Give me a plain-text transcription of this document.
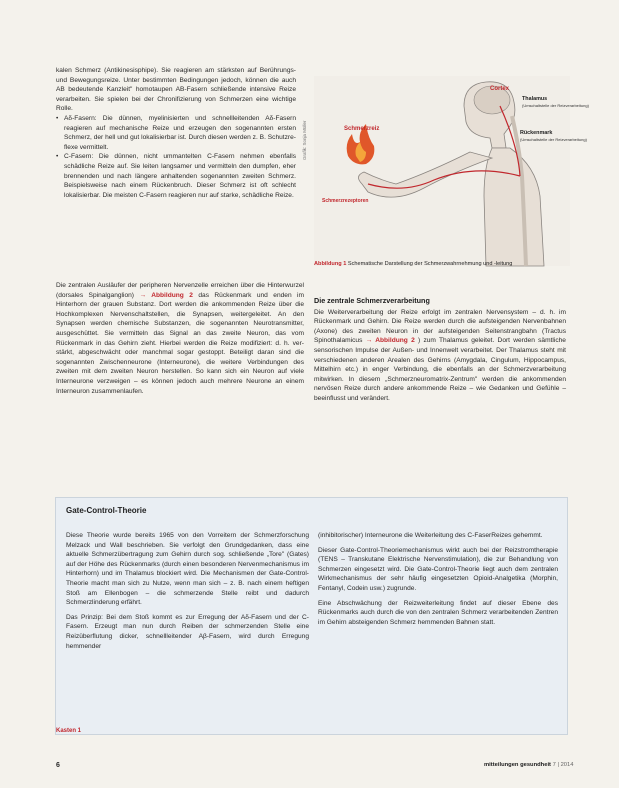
kalen Schmerz (Antikinesisphipe). Sie reagieren am stärksten auf Berührungs- und Bewegungsreize. Unter bestimmten Bedingungen jedoch, können die auch AB bedeutende Kanzleit" homotaupen AB-Fasern schließende intensive Reize verarbeiten. Sie spielen bei der Chronifizierung von Schmerzen eine wichtige Rolle.

• Aδ-Fasern: Die dünnen, myelinisierten und schnellleitenden Aδ-Fasern reagieren auf mechanische Reize und erzeugen den sogenannten ersten Schmerz, der hell und gut lokalisierbar ist. Durch diesen werden z. B. Schutzreflexe vermittelt.
• C-Fasern: Die dünnen, nicht ummantelten C-Fasern nehmen ebenfalls schädliche Reize auf. Sie leiten langsamer und vermitteln den dumpfen, eher brennenden und nach längere anhaltenden sogenannten zweiten Schmerz. Beispielsweise nach einem Rückenbruch. Dieser Schmerz ist oft schlecht lokalisierbar. Die meisten C-Fasern reagieren nur auf starke, schädliche Reize.
Grafik: Sonja Müller
Cortex
Thalamus
(Umschaltstelle der Reizverarbeitung)
Rückenmark
(Umschaltstelle der Reizverarbeitung)
Schmerzreiz
Schmerzrezeptoren
Abbildung 1 Schematische Darstellung der Schmerzwahrnehmung und -leitung
Die zentralen Ausläufer der peripheren Nervenzelle erreichen über die Hinterwurzel (dorsales Spinalganglion) → Abbildung 2 das Rückenmark und enden im Hinterhorn der grauen Substanz. Dort werden die ankommenden Reize über die Hochkomplexen Nervenschaltstellen, die Synapsen, weitergeleitet. An den Synapsen werden chemische Substanzen, die sogenannten Neurotransmitter, ausgeschüttet. Sie vermitteln das Signal an das zweite Neuron, das vom Rückenmark in das Gehirn zieht. Hierbei werden die Reize modifiziert: d. h. verstärkt, abgeschwächt oder manchmal sogar gestoppt. Beteiligt daran sind die sogenannten Zwischenneurone (Interneurone), die weitere Verbindungen des zweiten mit dem zweiten Neuron herstellen. So kann sich ein Neuron auf viele Interneurone verzweigen – es können jedoch auch mehrere Neurone an einem Interneuron zusammenlaufen.

Die zentrale Schmerzverarbeitung

Die Weiterverarbeitung der Reize erfolgt im zentralen Nervensystem – d. h. im Rückenmark und Gehirn. Die Reize werden durch die aufsteigenden Nervenbahnen (Axone) des zweiten Neuron in der aufsteigenden Seitenstrangbahn (Tractus Spinothalamicus → Abbildung 2 ) zum Thalamus geleitet. Dort werden sämtliche sensorischen Impulse der Außen- und Innenwelt verarbeitet. Der Thalamus steht mit verschiedenen anderen Arealen des Gehirns (Amygdala, Cingulum, Hippocampus, Mittelhirn etc.) in enger Verbindung, die ebenfalls an der Schmerzverarbeitung mitwirken. In diesem „Schmerzneuromatrix-Zentrum" werden die ankommenden nervösen Reize durch andere ankommende Reize – wie Gedanken und Gefühle – beeinflusst und verändert.
Gate-Control-Theorie

Diese Theorie wurde bereits 1965 von den Vorreitern der Schmerzforschung Melzack und Wall beschrieben. Sie verfolgt den Grundgedanken, dass eine aktuelle Schmerzübertragung zum Gehirn durch sog. schließende „Tore" (Gates) auf der Höhe des Rückenmarks (durch einen besonderen Nervenmechanismus im Hinterhorn) und im Thalamus blockiert wird. Die Mechanismen der Gate-Control-Theorie macht man sich zu Nutze, wenn man sich – z. B. nach einem heftigen Stoß am Ellenbogen – die schmerzende Stelle reibt und dadurch Schmerzlinderung erfährt.

Das Prinzip: Bei dem Stoß kommt es zur Erregung der Aδ-Fasern und der C-Fasern. Erzeugt man nun durch Reiben der schmerzenden Stelle eine Reizüberflutung dicker, schnellleitender Aβ-Fasern, wird durch Erregung hemmender

(inhibitorischer) Interneurone die Weiterleitung des C-FaserReizes gehemmt.

Dieser Gate-Control-Theoriemechanismus wirkt auch bei der Reizstromtherapie (TENS – Transkutane Elektrische Nervenstimulation), die zur Behandlung von Schmerzen eingesetzt wird. Die Gate-Control-Theorie liegt auch dem zentralen Wirkmechanismus der sehr häufig eingesetzten Opioid-Analgetika (Morphin, Fentanyl, Codein usw.) zugrunde.

Eine Abschwächung der Reizweiterleitung findet auf dieser Ebene des Rückenmarks auch durch die von den zentralen Schmerz verarbeitenden Zentren im Gehirn absteigenden Schmerz hemmenden Bahnen statt.

Kasten 1
6	mitteilungen gesundheit 7 | 2014
